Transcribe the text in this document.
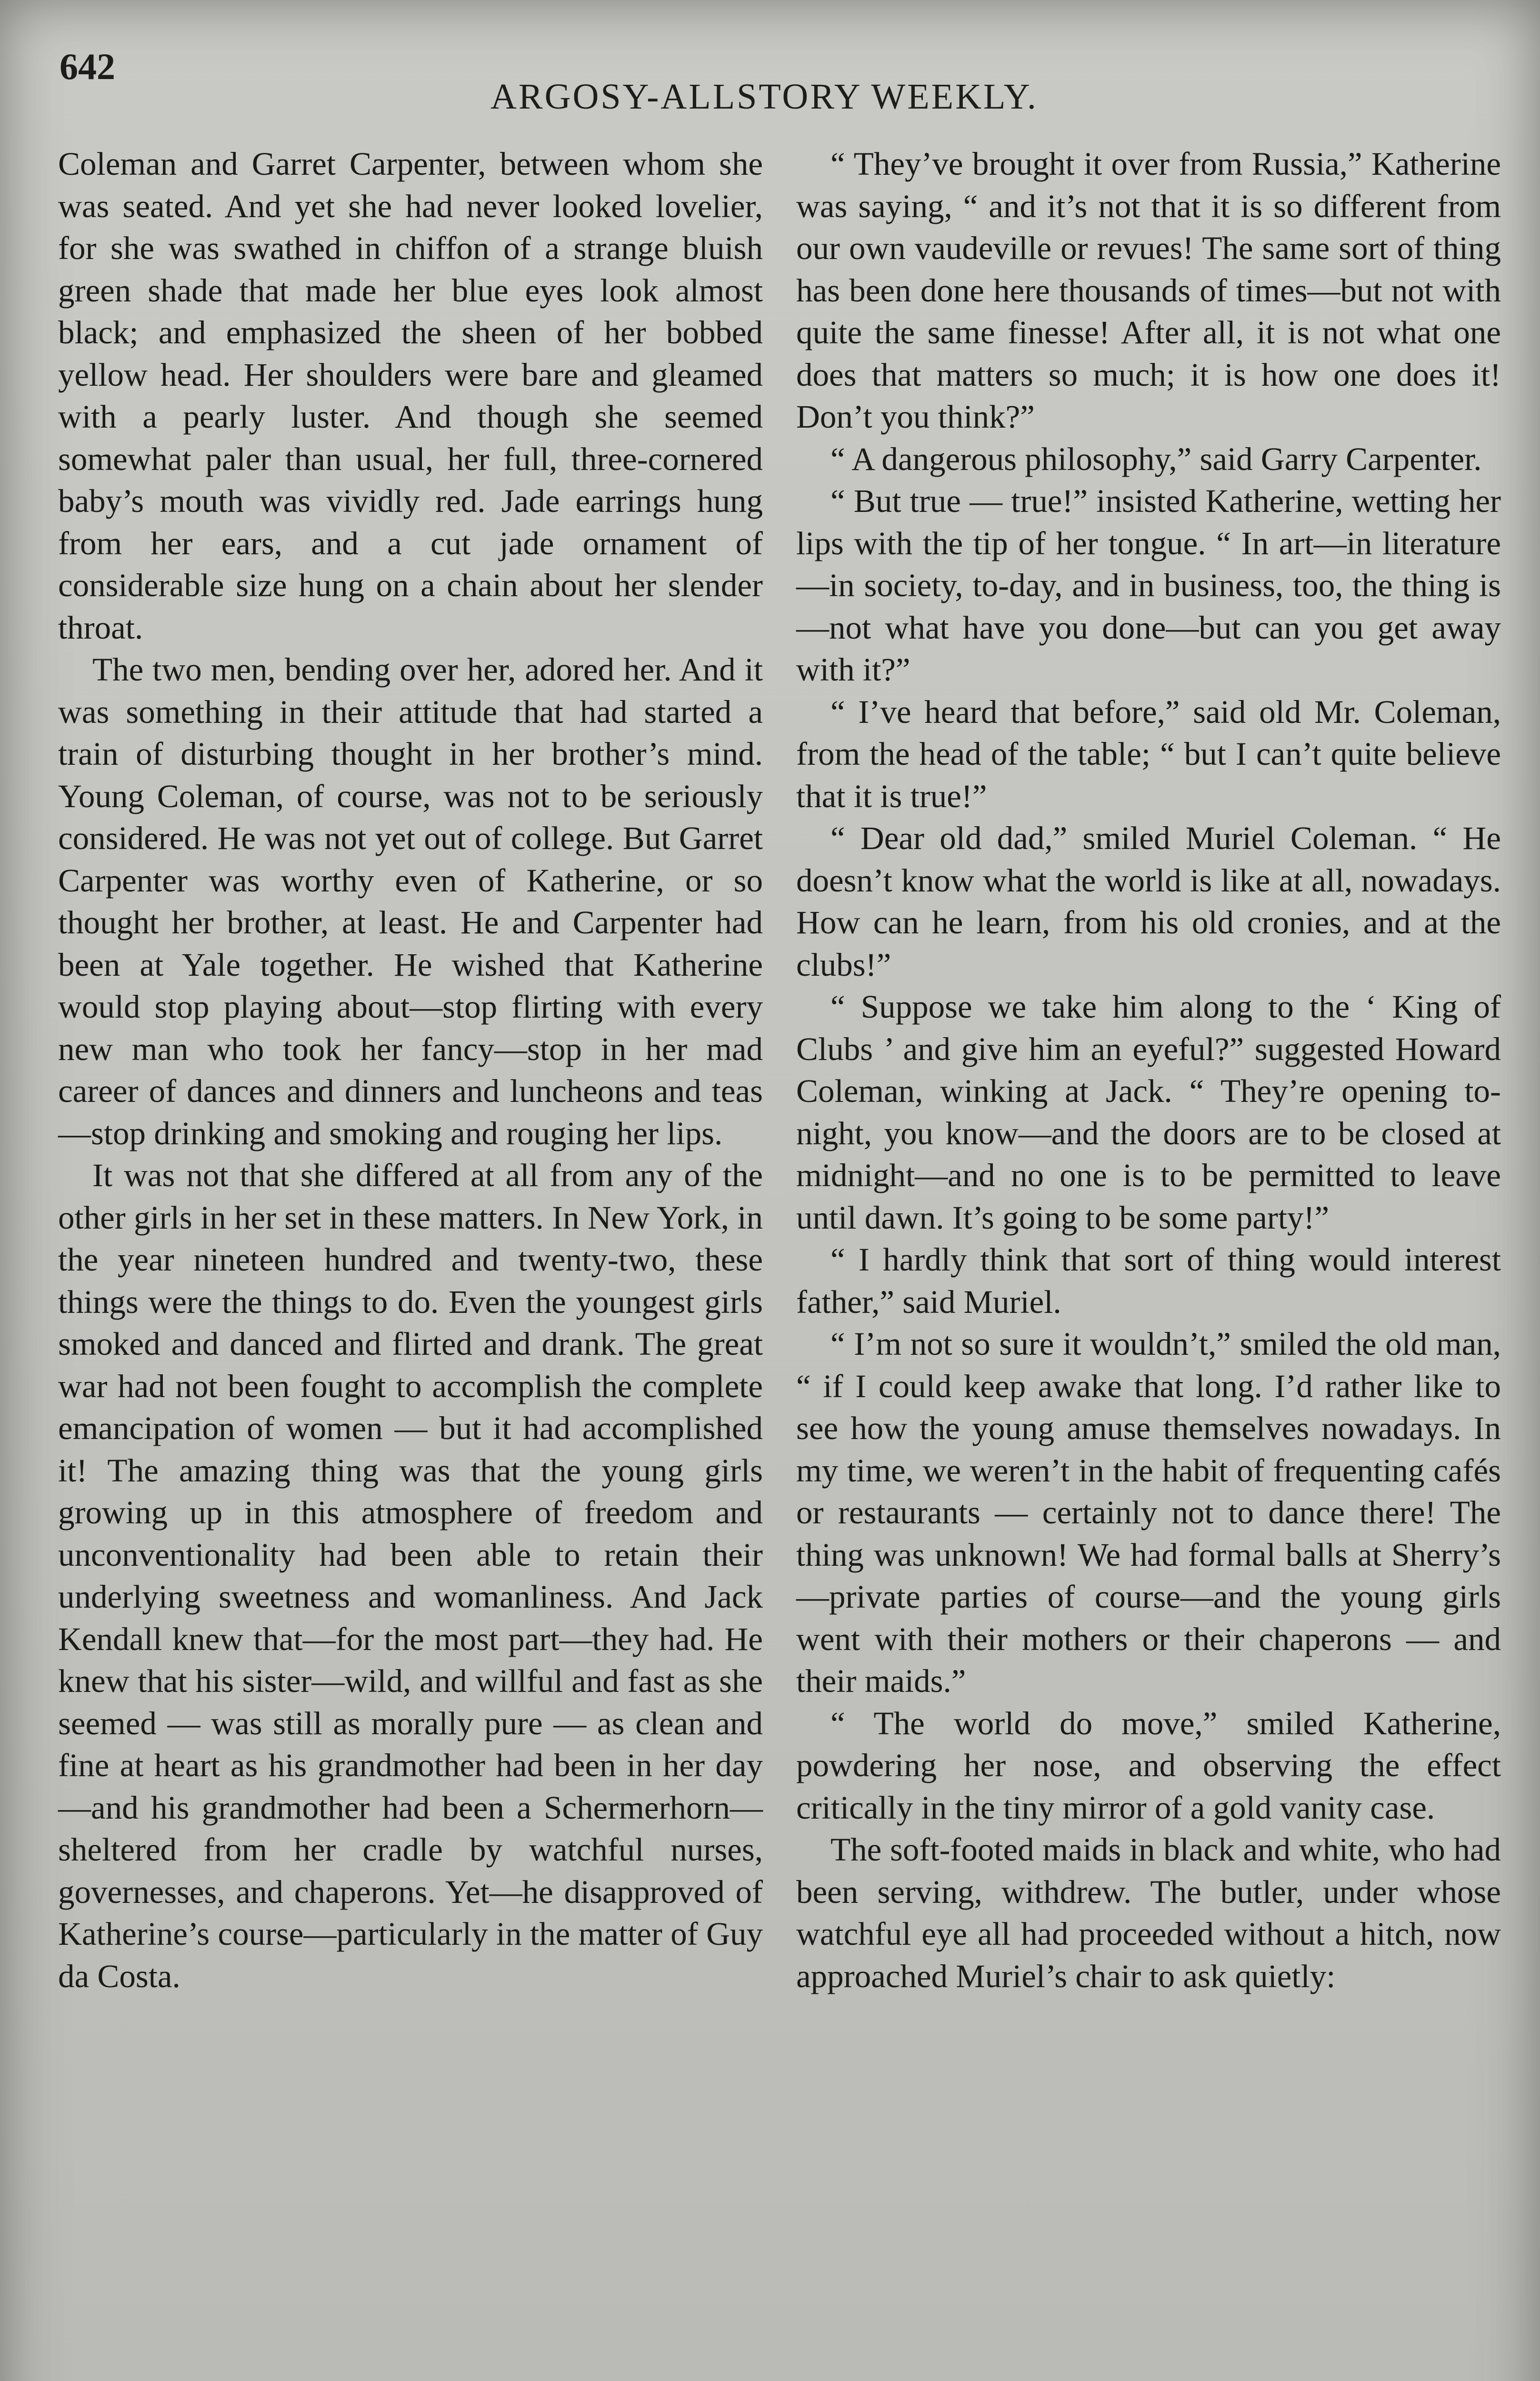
642
ARGOSY-ALLSTORY WEEKLY.

Coleman and Garret Carpenter, between whom she was seated. And yet she had never looked lovelier, for she was swathed in chiffon of a strange bluish green shade that made her blue eyes look almost black; and emphasized the sheen of her bobbed yellow head. Her shoulders were bare and gleamed with a pearly luster. And though she seemed somewhat paler than usual, her full, three-cornered baby’s mouth was vividly red. Jade earrings hung from her ears, and a cut jade ornament of considerable size hung on a chain about her slender throat.

The two men, bending over her, adored her. And it was something in their attitude that had started a train of disturbing thought in her brother’s mind. Young Coleman, of course, was not to be seriously considered. He was not yet out of college. But Garret Carpenter was worthy even of Katherine, or so thought her brother, at least. He and Carpenter had been at Yale together. He wished that Katherine would stop playing about—stop flirting with every new man who took her fancy—stop in her mad career of dances and dinners and luncheons and teas—stop drinking and smoking and rouging her lips.

It was not that she differed at all from any of the other girls in her set in these matters. In New York, in the year nineteen hundred and twenty-two, these things were the things to do. Even the youngest girls smoked and danced and flirted and drank. The great war had not been fought to accomplish the complete emancipation of women — but it had accomplished it! The amazing thing was that the young girls growing up in this atmosphere of freedom and unconventionality had been able to retain their underlying sweetness and womanliness. And Jack Kendall knew that—for the most part—they had. He knew that his sister—wild, and willful and fast as she seemed — was still as morally pure — as clean and fine at heart as his grandmother had been in her day—and his grandmother had been a Schermerhorn—sheltered from her cradle by watchful nurses, governesses, and chaperons. Yet—he disapproved of Katherine’s course—particularly in the matter of Guy da Costa.

“ They’ve brought it over from Russia,” Katherine was saying, “ and it’s not that it is so different from our own vaudeville or revues! The same sort of thing has been done here thousands of times—but not with quite the same finesse! After all, it is not what one does that matters so much; it is how one does it! Don’t you think?”

“ A dangerous philosophy,” said Garry Carpenter.

“ But true — true!” insisted Katherine, wetting her lips with the tip of her tongue. “ In art—in literature—in society, to-day, and in business, too, the thing is—not what have you done—but can you get away with it?”

“ I’ve heard that before,” said old Mr. Coleman, from the head of the table; “ but I can’t quite believe that it is true!”

“ Dear old dad,” smiled Muriel Coleman. “ He doesn’t know what the world is like at all, nowadays. How can he learn, from his old cronies, and at the clubs!”

“ Suppose we take him along to the ‘ King of Clubs ’ and give him an eyeful?” suggested Howard Coleman, winking at Jack. “ They’re opening to-night, you know—and the doors are to be closed at midnight—and no one is to be permitted to leave until dawn. It’s going to be some party!”

“ I hardly think that sort of thing would interest father,” said Muriel.

“ I’m not so sure it wouldn’t,” smiled the old man, “ if I could keep awake that long. I’d rather like to see how the young amuse themselves nowadays. In my time, we weren’t in the habit of frequenting cafés or restaurants — certainly not to dance there! The thing was unknown! We had formal balls at Sherry’s—private parties of course—and the young girls went with their mothers or their chaperons — and their maids.”

“ The world do move,” smiled Katherine, powdering her nose, and observing the effect critically in the tiny mirror of a gold vanity case.

The soft-footed maids in black and white, who had been serving, withdrew. The butler, under whose watchful eye all had proceeded without a hitch, now approached Muriel’s chair to ask quietly:
